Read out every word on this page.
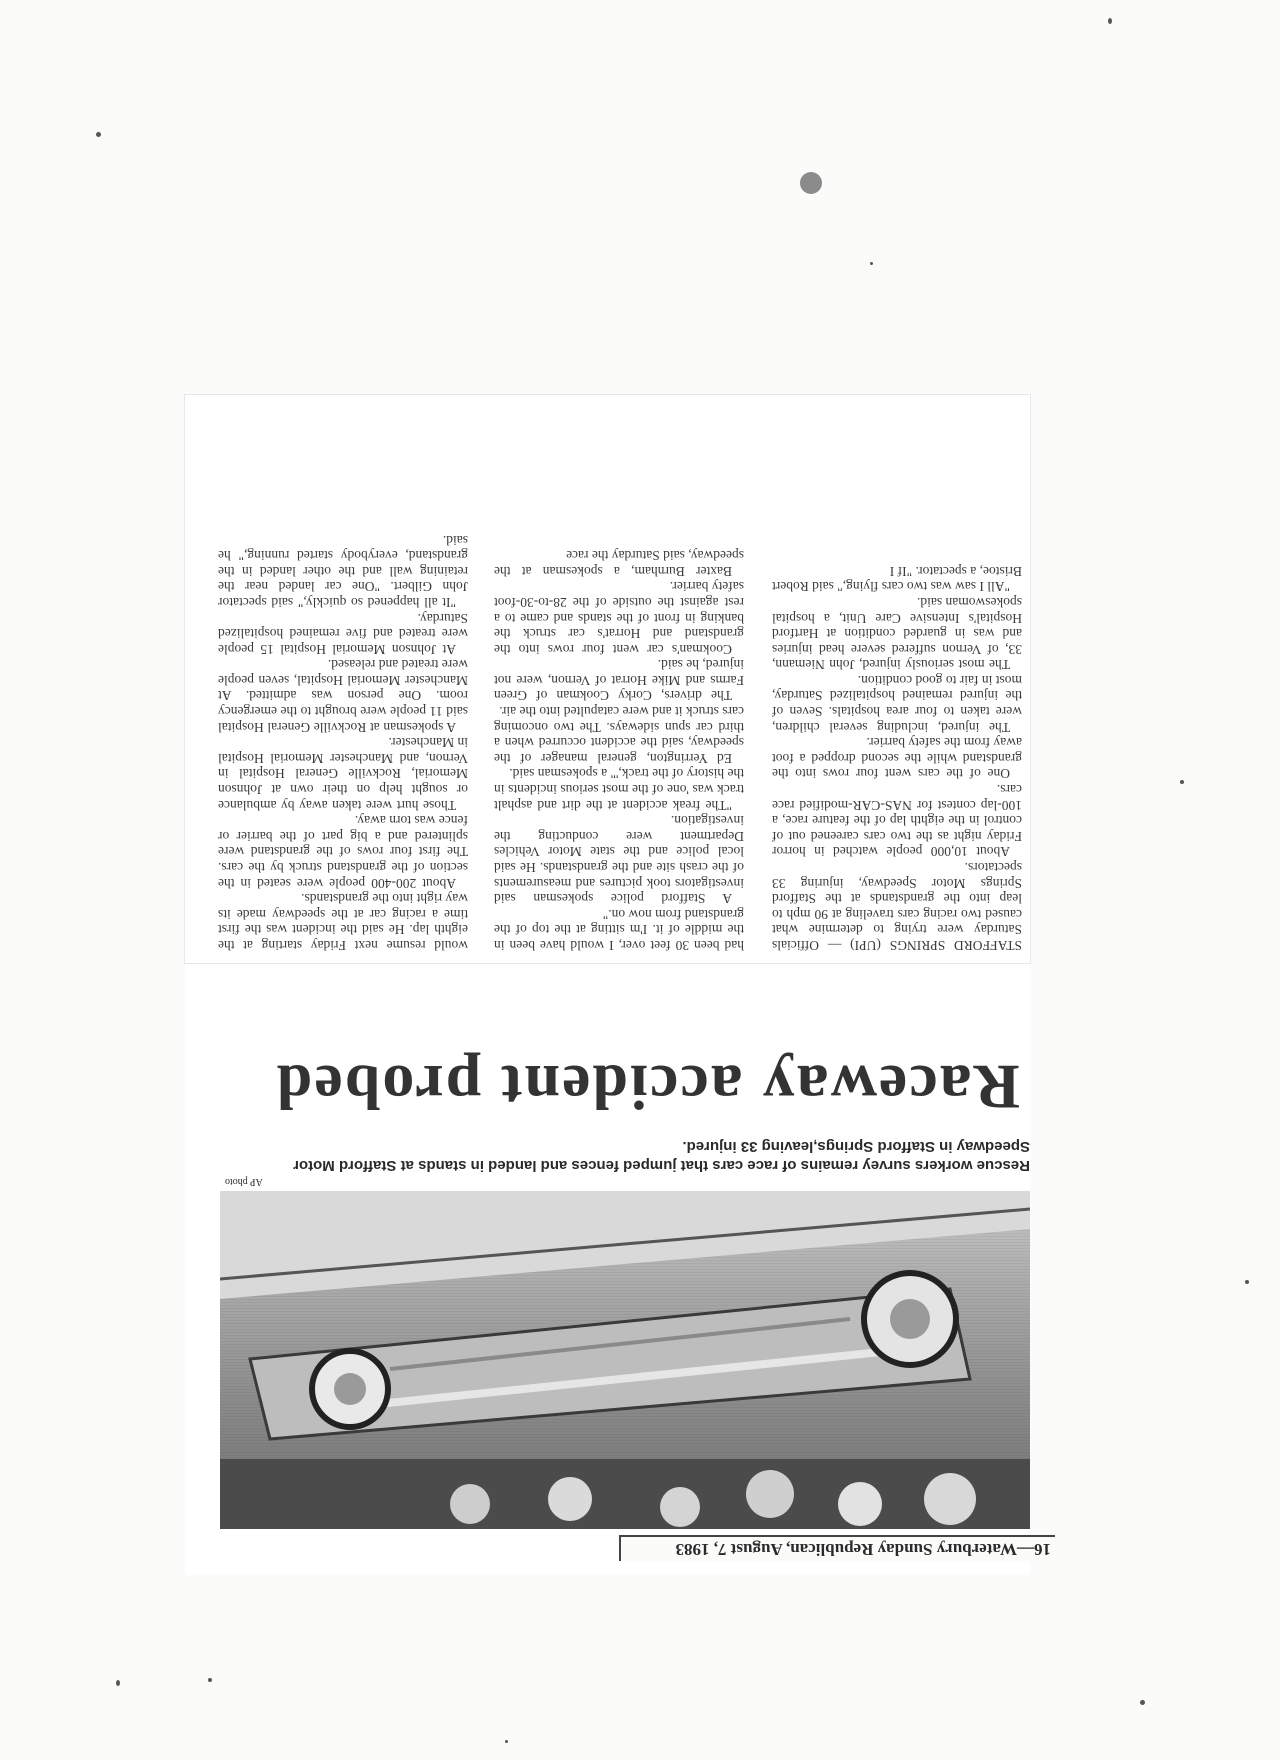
16—Waterbury Sunday Republican, August 7, 1983
AP photo
Rescue workers survey remains of race cars that jumped fences and landed in stands at Stafford Motor Speedway in Stafford Springs,leaving 33 injured.
Raceway accident probed

STAFFORD SPRINGS (UPI) — Officials Saturday were trying to determine what caused two racing cars traveling at 90 mph to leap into the grandstands at the Stafford Springs Motor Speedway, injuring 33 spectators.

About 10,000 people watched in horror Friday night as the two cars careened out of control in the eighth lap of the feature race, a 100-lap contest for NAS-CAR-modified race cars.

One of the cars went four rows into the grandstand while the second dropped a foot away from the safety barrier.

The injured, including several children, were taken to four area hospitals. Seven of the injured remained hospitalized Saturday, most in fair to good condition.

The most seriously injured, John Niemann, 33, of Vernon suffered severe head injuries and was in guarded condition at Hartford Hospital's Intensive Care Unit, a hospital spokeswoman said.

"All I saw was two cars flying," said Robert Bristoe, a spectator. "If I

had been 30 feet over, I would have been in the middle of it. I'm sitting at the top of the grandstand from now on."

A Stafford police spokesman said investigators took pictures and measurements of the crash site and the grandstands. He said local police and the state Motor Vehicles Department were conducting the investigation.

"The freak accident at the dirt and asphalt track was 'one of the most serious incidents in the history of the track,'" a spokesman said.

Ed Yerrington, general manager of the speedway, said the accident occurred when a third car spun sideways. The two oncoming cars struck it and were catapulted into the air.

The drivers, Corky Cookman of Green Farms and Mike Horrat of Vernon, were not injured, he said.

Cookman's car went four rows into the grandstand and Horrat's car struck the banking in front of the stands and came to a rest against the outside of the 28-to-30-foot safety barrier.

Baxter Burnham, a spokesman at the speedway, said Saturday the race

would resume next Friday starting at the eighth lap. He said the incident was the first time a racing car at the speedway made its way right into the grandstands.

About 200-400 people were seated in the section of the grandstand struck by the cars. The first four rows of the grandstand were splintered and a big part of the barrier or fence was torn away.

Those hurt were taken away by ambulance or sought help on their own at Johnson Memorial, Rockville General Hospital in Vernon, and Manchester Memorial Hospital in Manchester.

A spokesman at Rockville General Hospital said 11 people were brought to the emergency room. One person was admitted. At Manchester Memorial Hospital, seven people were treated and released.

At Johnson Memorial Hospital 15 people were treated and five remained hospitalized Saturday.

"It all happened so quickly," said spectator John Gilbert. "One car landed near the retaining wall and the other landed in the grandstand, everybody started running," he said.
